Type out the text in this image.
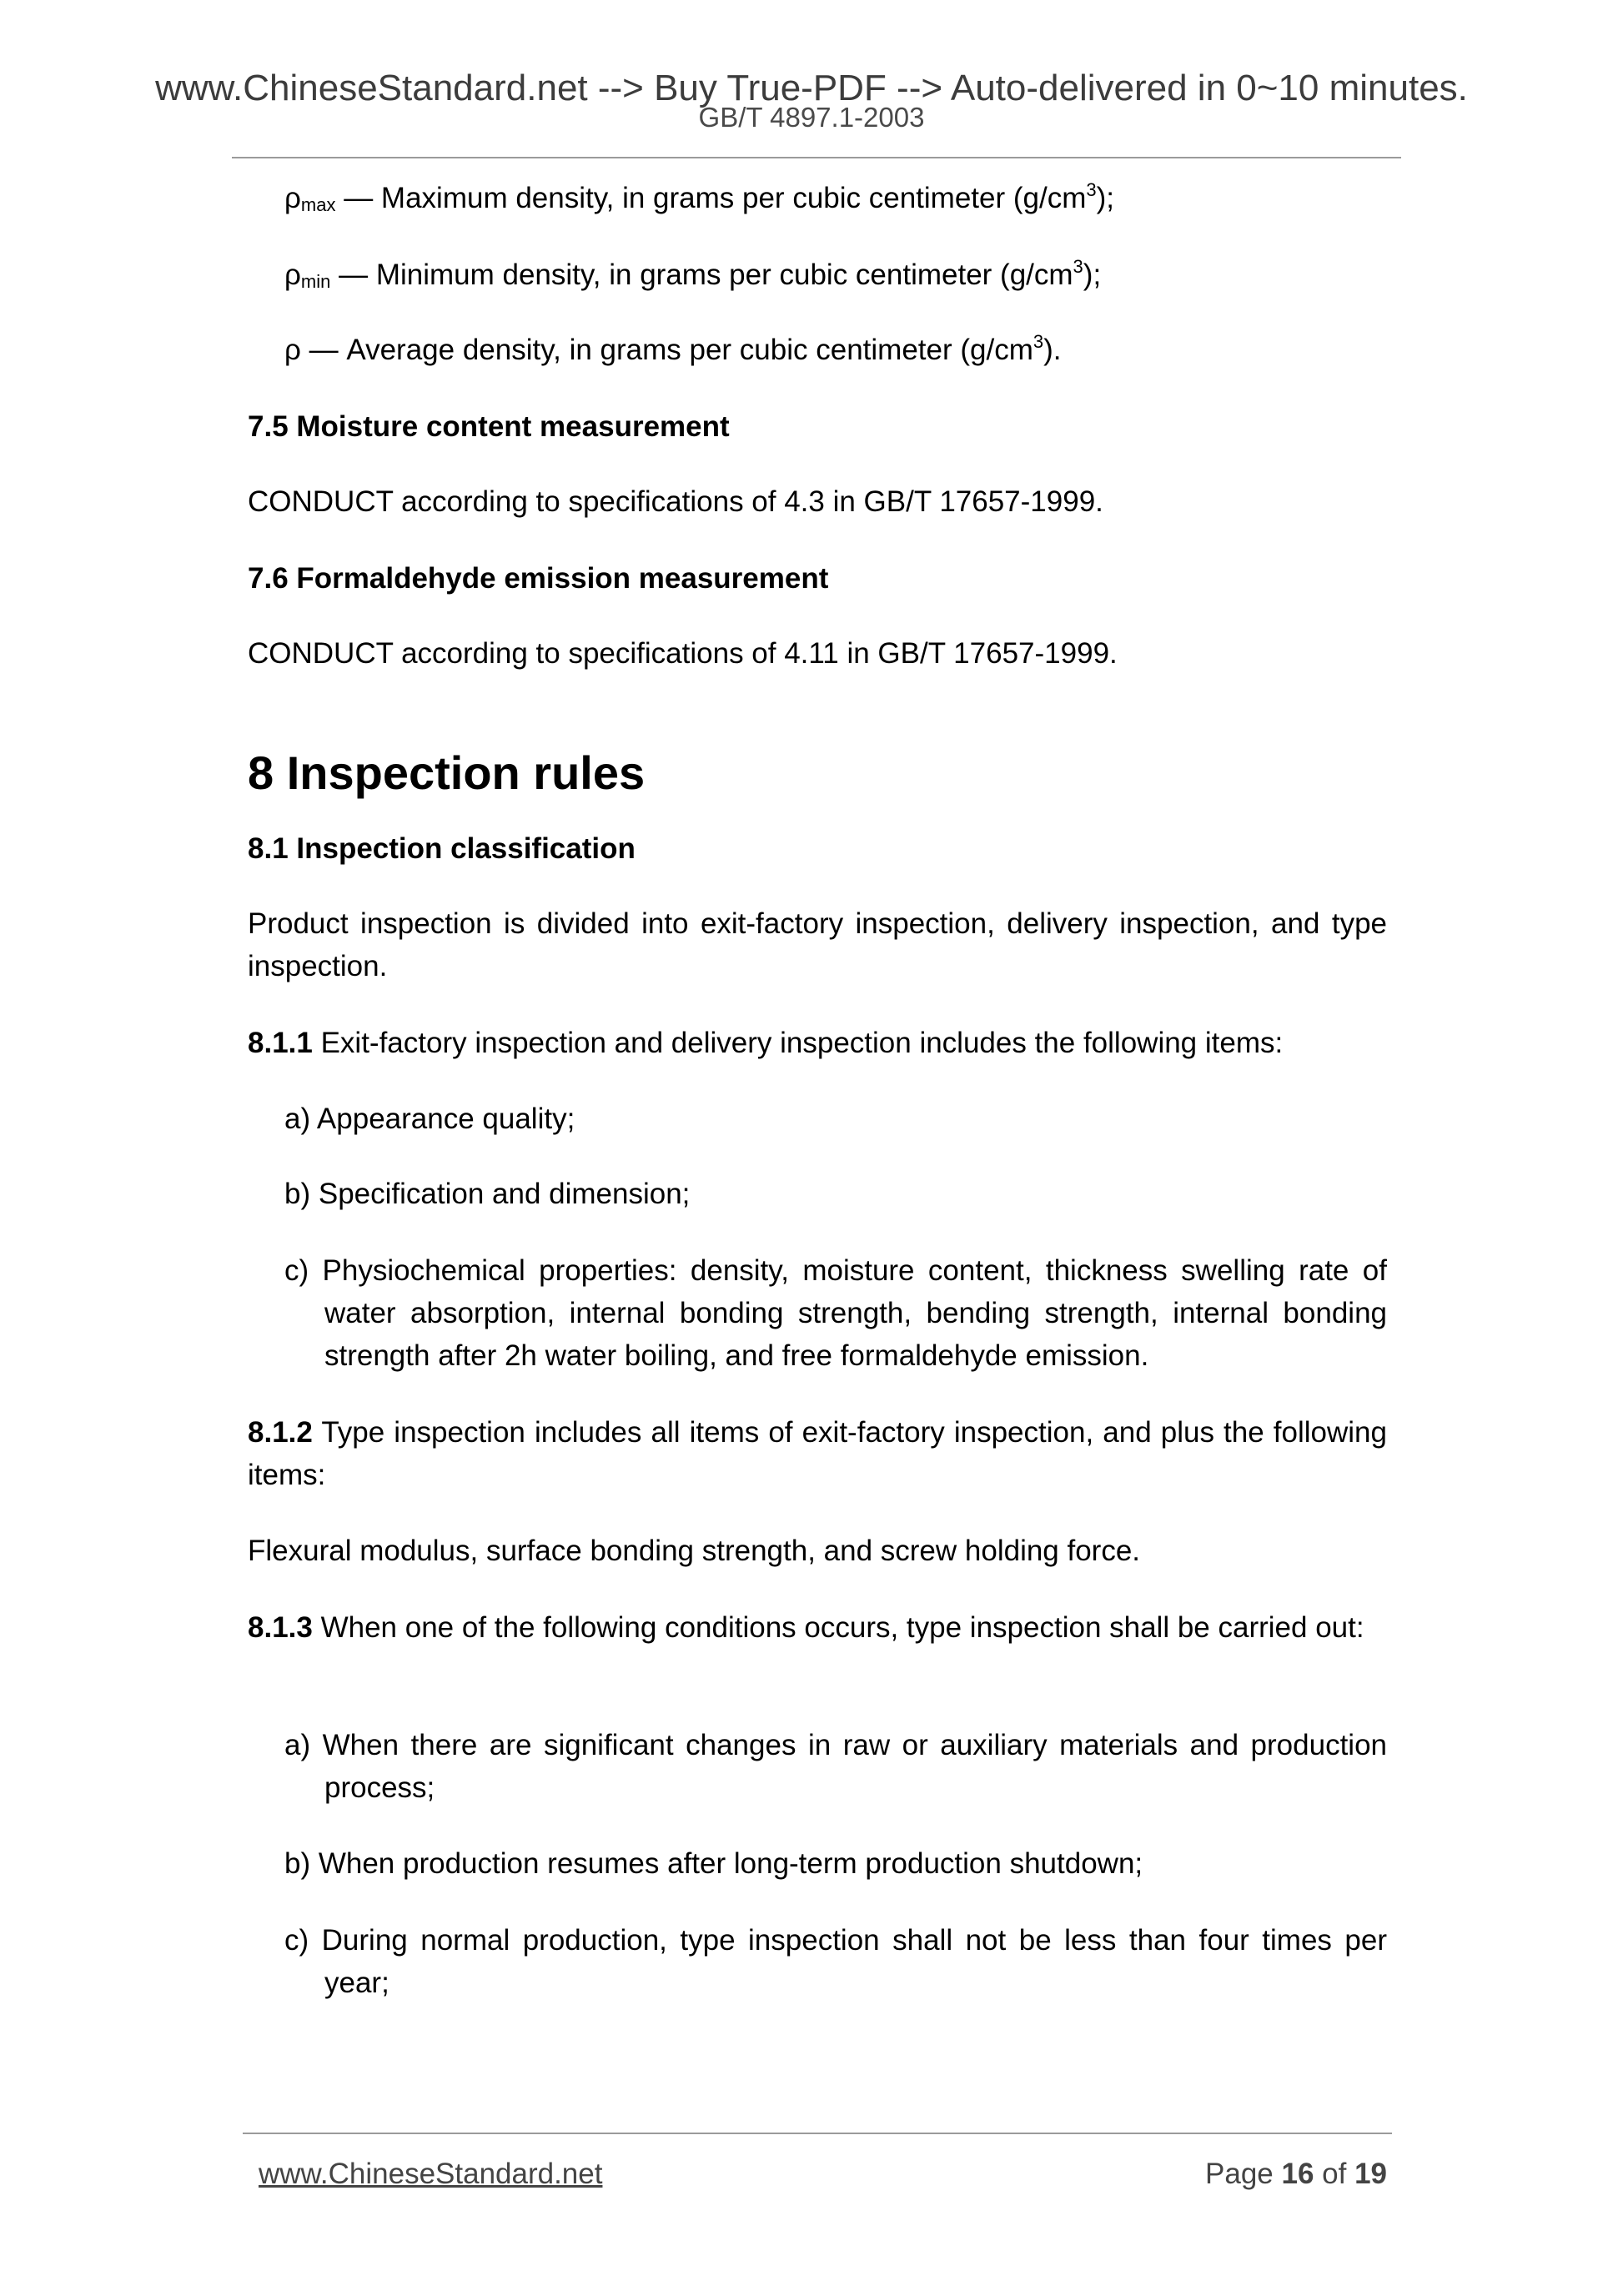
www.ChineseStandard.net --> Buy True-PDF --> Auto-delivered in 0~10 minutes.
GB/T 4897.1-2003
$\rho_{max}$ — Maximum density, in grams per cubic centimeter $(g/cm^3)$;
$\rho_{min}$ — Minimum density, in grams per cubic centimeter $(g/cm^3)$;
ρ — Average density, in grams per cubic centimeter $(g/cm^3)$.
7.5 Moisture content measurement
CONDUCT according to specifications of 4.3 in GB/T 17657-1999.
7.6 Formaldehyde emission measurement
CONDUCT according to specifications of 4.11 in GB/T 17657-1999.
8 Inspection rules
8.1 Inspection classification
Product inspection is divided into exit-factory inspection, delivery inspection, and type inspection.
8.1.1 Exit-factory inspection and delivery inspection includes the following items:
a) Appearance quality;
b) Specification and dimension;
c) Physiochemical properties: density, moisture content, thickness swelling rate of water absorption, internal bonding strength, bending strength, internal bonding strength after 2h water boiling, and free formaldehyde emission.
8.1.2 Type inspection includes all items of exit-factory inspection, and plus the following items:
Flexural modulus, surface bonding strength, and screw holding force.
8.1.3 When one of the following conditions occurs, type inspection shall be carried out:
a) When there are significant changes in raw or auxiliary materials and production process;
b) When production resumes after long-term production shutdown;
c) During normal production, type inspection shall not be less than four times per year;
www.ChineseStandard.net	Page 16 of 19
